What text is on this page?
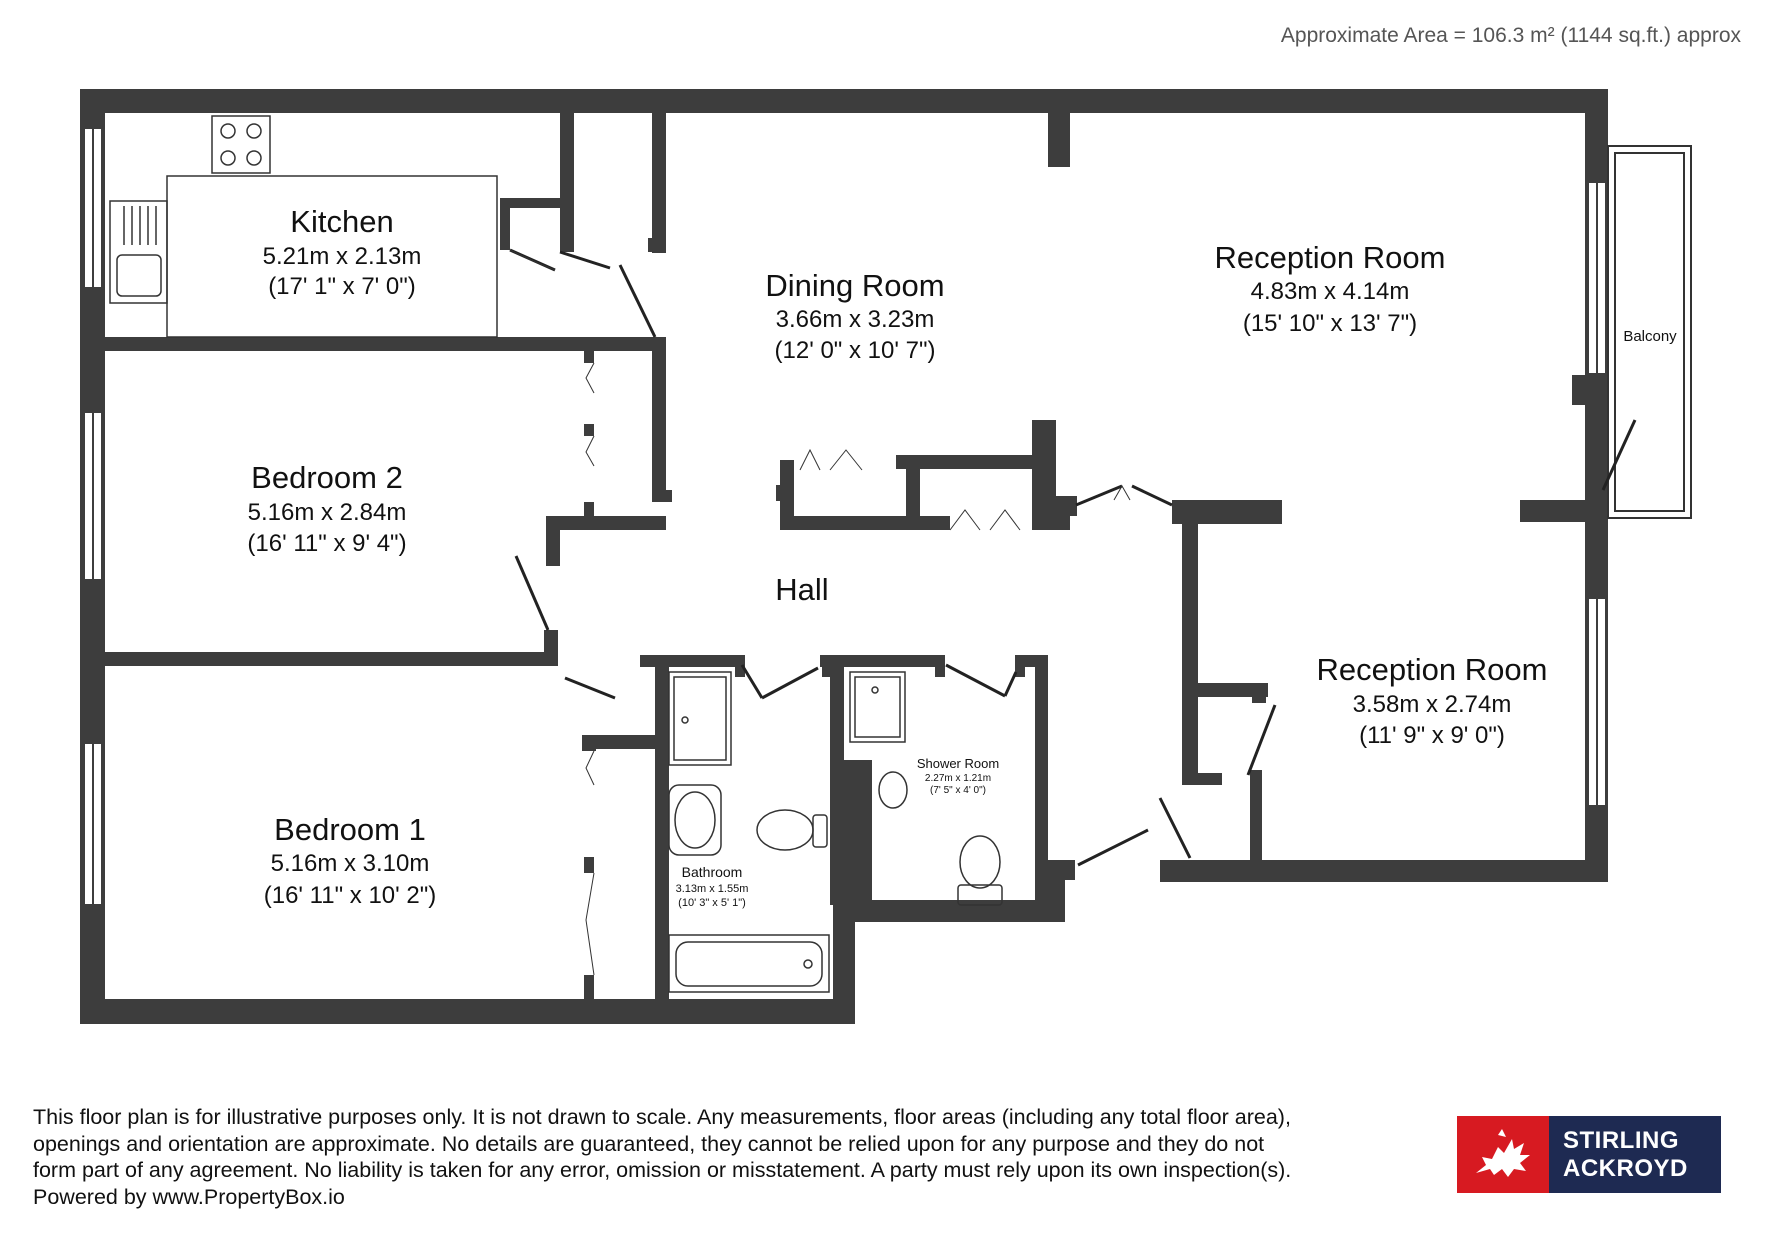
Approximate Area = 106.3 m² (1144 sq.ft.) approx
Kitchen
5.21m x 2.13m
(17' 1" x 7' 0")	Dining Room
3.66m x 3.23m
(12' 0" x 10' 7")
Reception Room
4.83m x 4.14m
(15' 10" x 13' 7")	Balcony
Bedroom 2
5.16m x 2.84m
(16' 11" x 9' 4")
Hall
Reception Room
3.58m x 2.74m
(11' 9" x 9' 0")
Bedroom 1
5.16m x 3.10m
(16' 11" x 10' 2")
Bathroom
3.13m x 1.55m
(10' 3" x 5' 1")
Shower Room
2.27m x 1.21m
(7' 5" x 4' 0")
This floor plan is for illustrative purposes only. It is not drawn to scale. Any measurements, floor areas (including any total floor area),
openings and orientation are approximate. No details are guaranteed, they cannot be relied upon for any purpose and they do not
form part of any agreement. No liability is taken for any error, omission or misstatement. A party must rely upon its own inspection(s).
Powered by www.PropertyBox.io
STIRLING
ACKROYD
